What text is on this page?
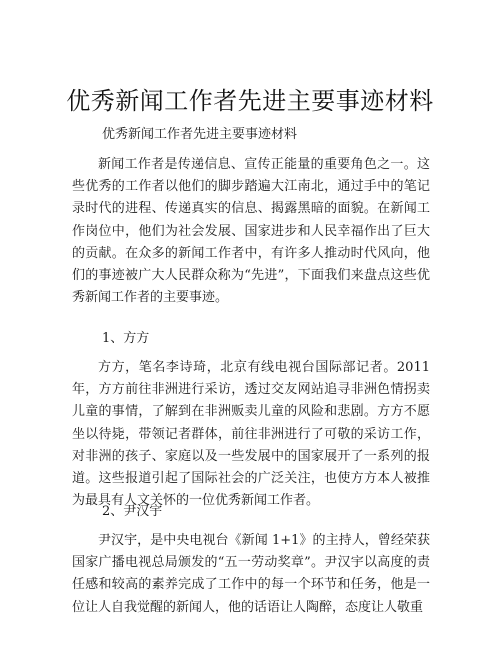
优秀新闻工作者先进主要事迹材料
优秀新闻工作者先进主要事迹材料

新闻工作者是传递信息、宣传正能量的重要角色之一。这些优秀的工作者以他们的脚步踏遍大江南北，通过手中的笔记录时代的进程、传递真实的信息、揭露黑暗的面貌。在新闻工作岗位中，他们为社会发展、国家进步和人民幸福作出了巨大的贡献。在众多的新闻工作者中，有许多人推动时代风向，他们的事迹被广大人民群众称为“先进”，下面我们来盘点这些优秀新闻工作者的主要事迹。

1、方方

方方，笔名李诗琦，北京有线电视台国际部记者。2011年，方方前往非洲进行采访，透过交友网站追寻非洲色情拐卖儿童的事情，了解到在非洲贩卖儿童的风险和悲剧。方方不愿坐以待毙，带领记者群体，前往非洲进行了可敬的采访工作，对非洲的孩子、家庭以及一些发展中的国家展开了一系列的报道。这些报道引起了国际社会的广泛关注，也使方方本人被推为最具有人文关怀的一位优秀新闻工作者。

2、尹汉宇

尹汉宇，是中央电视台《新闻 1+1》的主持人，曾经荣获国家广播电视总局颁发的“五一劳动奖章”。尹汉宇以高度的责任感和较高的素养完成了工作中的每一个环节和任务，他是一位让人自我觉醒的新闻人，他的话语让人陶醉，态度让人敬重
